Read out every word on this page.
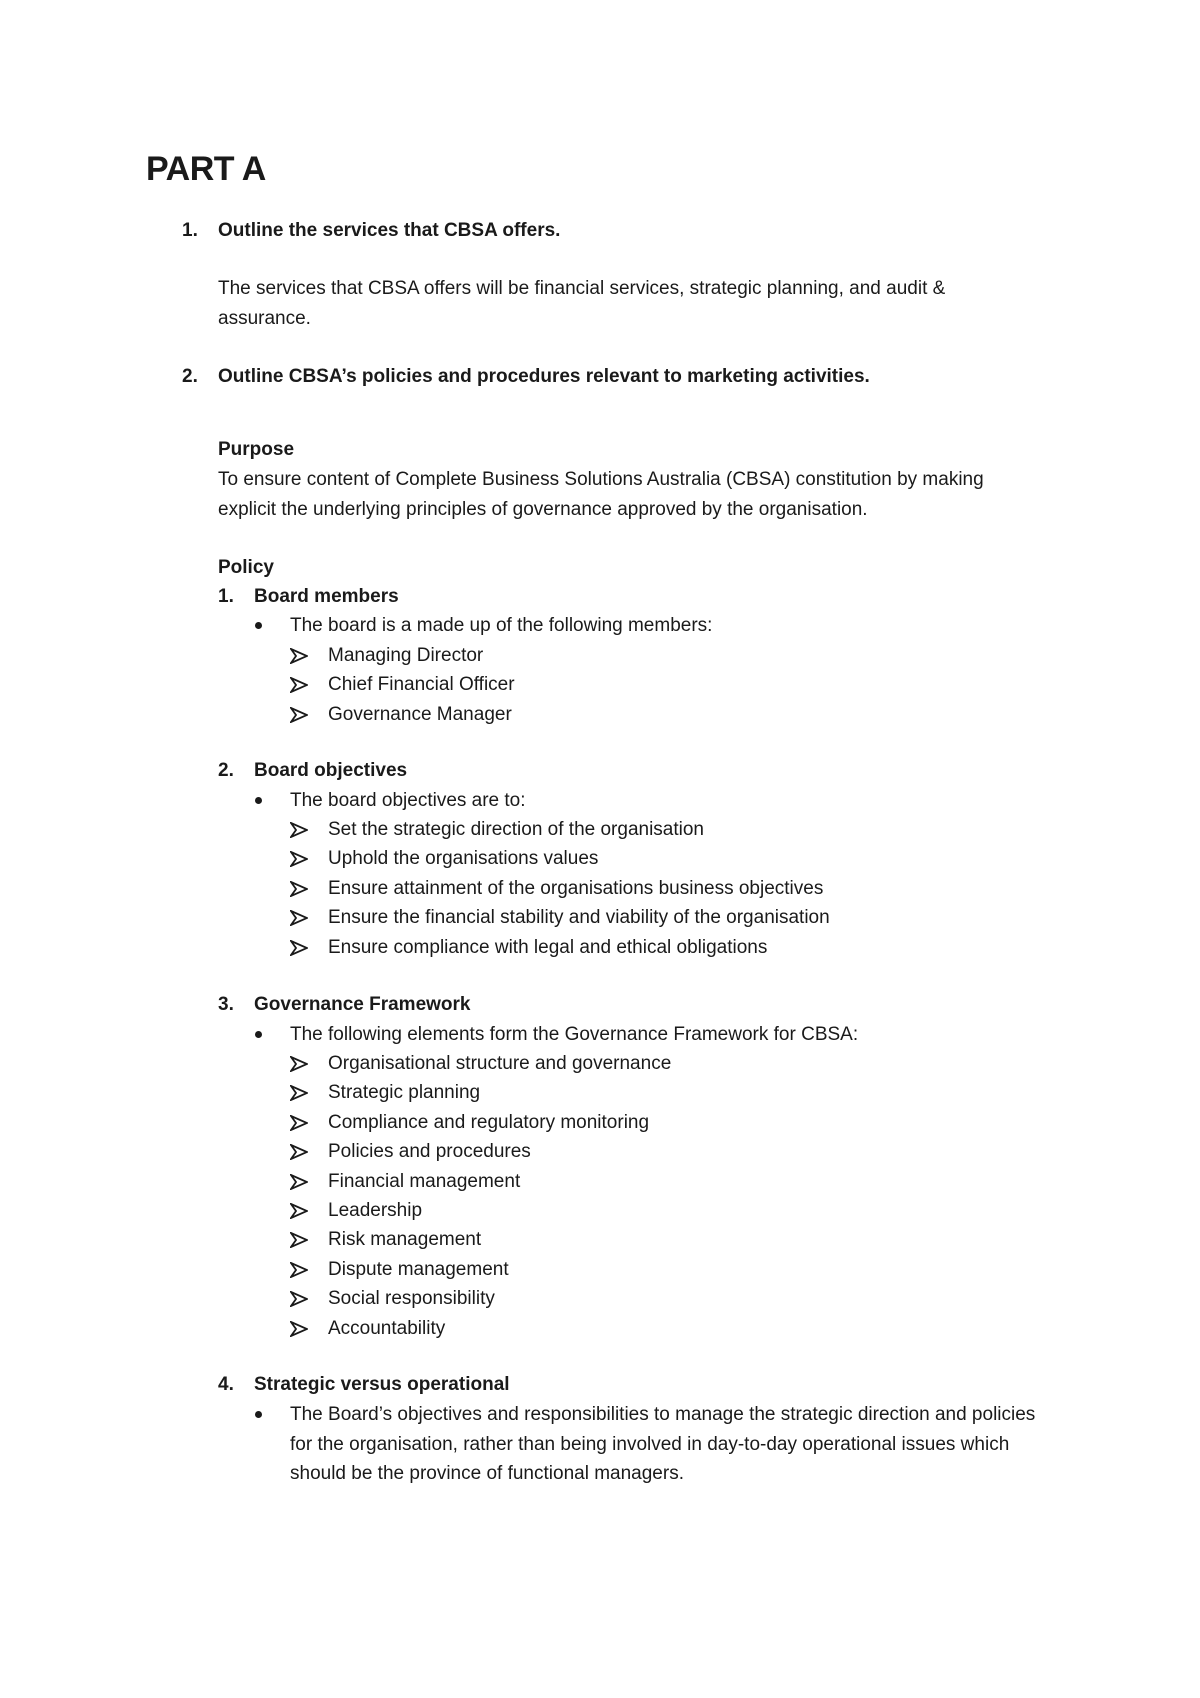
PART A
1. Outline the services that CBSA offers.
The services that CBSA offers will be financial services, strategic planning, and audit & assurance.
2. Outline CBSA’s policies and procedures relevant to marketing activities.
Purpose
To ensure content of Complete Business Solutions Australia (CBSA) constitution by making explicit the underlying principles of governance approved by the organisation.
Policy
1. Board members
The board is a made up of the following members:
Managing Director
Chief Financial Officer
Governance Manager
2. Board objectives
The board objectives are to:
Set the strategic direction of the organisation
Uphold the organisations values
Ensure attainment of the organisations business objectives
Ensure the financial stability and viability of the organisation
Ensure compliance with legal and ethical obligations
3. Governance Framework
The following elements form the Governance Framework for CBSA:
Organisational structure and governance
Strategic planning
Compliance and regulatory monitoring
Policies and procedures
Financial management
Leadership
Risk management
Dispute management
Social responsibility
Accountability
4. Strategic versus operational
The Board’s objectives and responsibilities to manage the strategic direction and policies for the organisation, rather than being involved in day-to-day operational issues which should be the province of functional managers.
